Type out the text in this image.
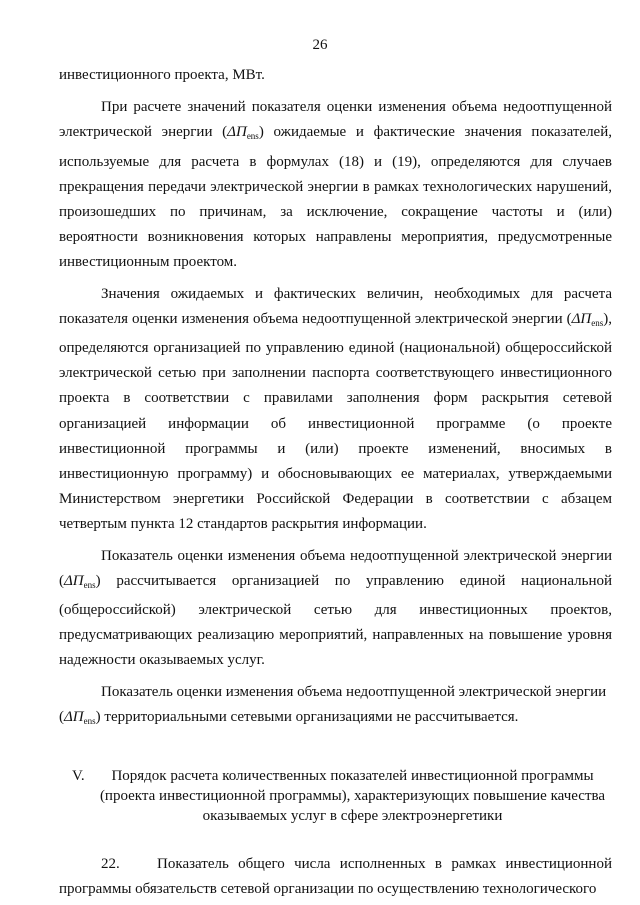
26

инвестиционного проекта, МВт.

При расчете значений показателя оценки изменения объема недоотпущенной электрической энергии $(\Delta П_{ens})$ ожидаемые и фактические значения показателей, используемые для расчета в формулах (18) и (19), определяются для случаев прекращения передачи электрической энергии в рамках технологических нарушений, произошедших по причинам, за исключение, сокращение частоты и (или) вероятности возникновения которых направлены мероприятия, предусмотренные инвестиционным проектом.

Значения ожидаемых и фактических величин, необходимых для расчета показателя оценки изменения объема недоотпущенной электрической энергии $(\Delta П_{ens})$, определяются организацией по управлению единой (национальной) общероссийской электрической сетью при заполнении паспорта соответствующего инвестиционного проекта в соответствии с правилами заполнения форм раскрытия сетевой организацией информации об инвестиционной программе (о проекте инвестиционной программы и (или) проекте изменений, вносимых в инвестиционную программу) и обосновывающих ее материалах, утверждаемыми Министерством энергетики Российской Федерации в соответствии с абзацем четвертым пункта 12 стандартов раскрытия информации.

Показатель оценки изменения объема недоотпущенной электрической энергии $(\Delta П_{ens})$ рассчитывается организацией по управлению единой национальной (общероссийской) электрической сетью для инвестиционных проектов, предусматривающих реализацию мероприятий, направленных на повышение уровня надежности оказываемых услуг.

Показатель оценки изменения объема недоотпущенной электрической энергии
$(\Delta П_{ens})$ территориальными сетевыми организациями не рассчитывается.

V.	Порядок расчета количественных показателей инвестиционной программы (проекта инвестиционной программы), характеризующих повышение качества оказываемых услуг в сфере электроэнергетики

22. Показатель общего числа исполненных в рамках инвестиционной программы обязательств сетевой организации по осуществлению технологического
